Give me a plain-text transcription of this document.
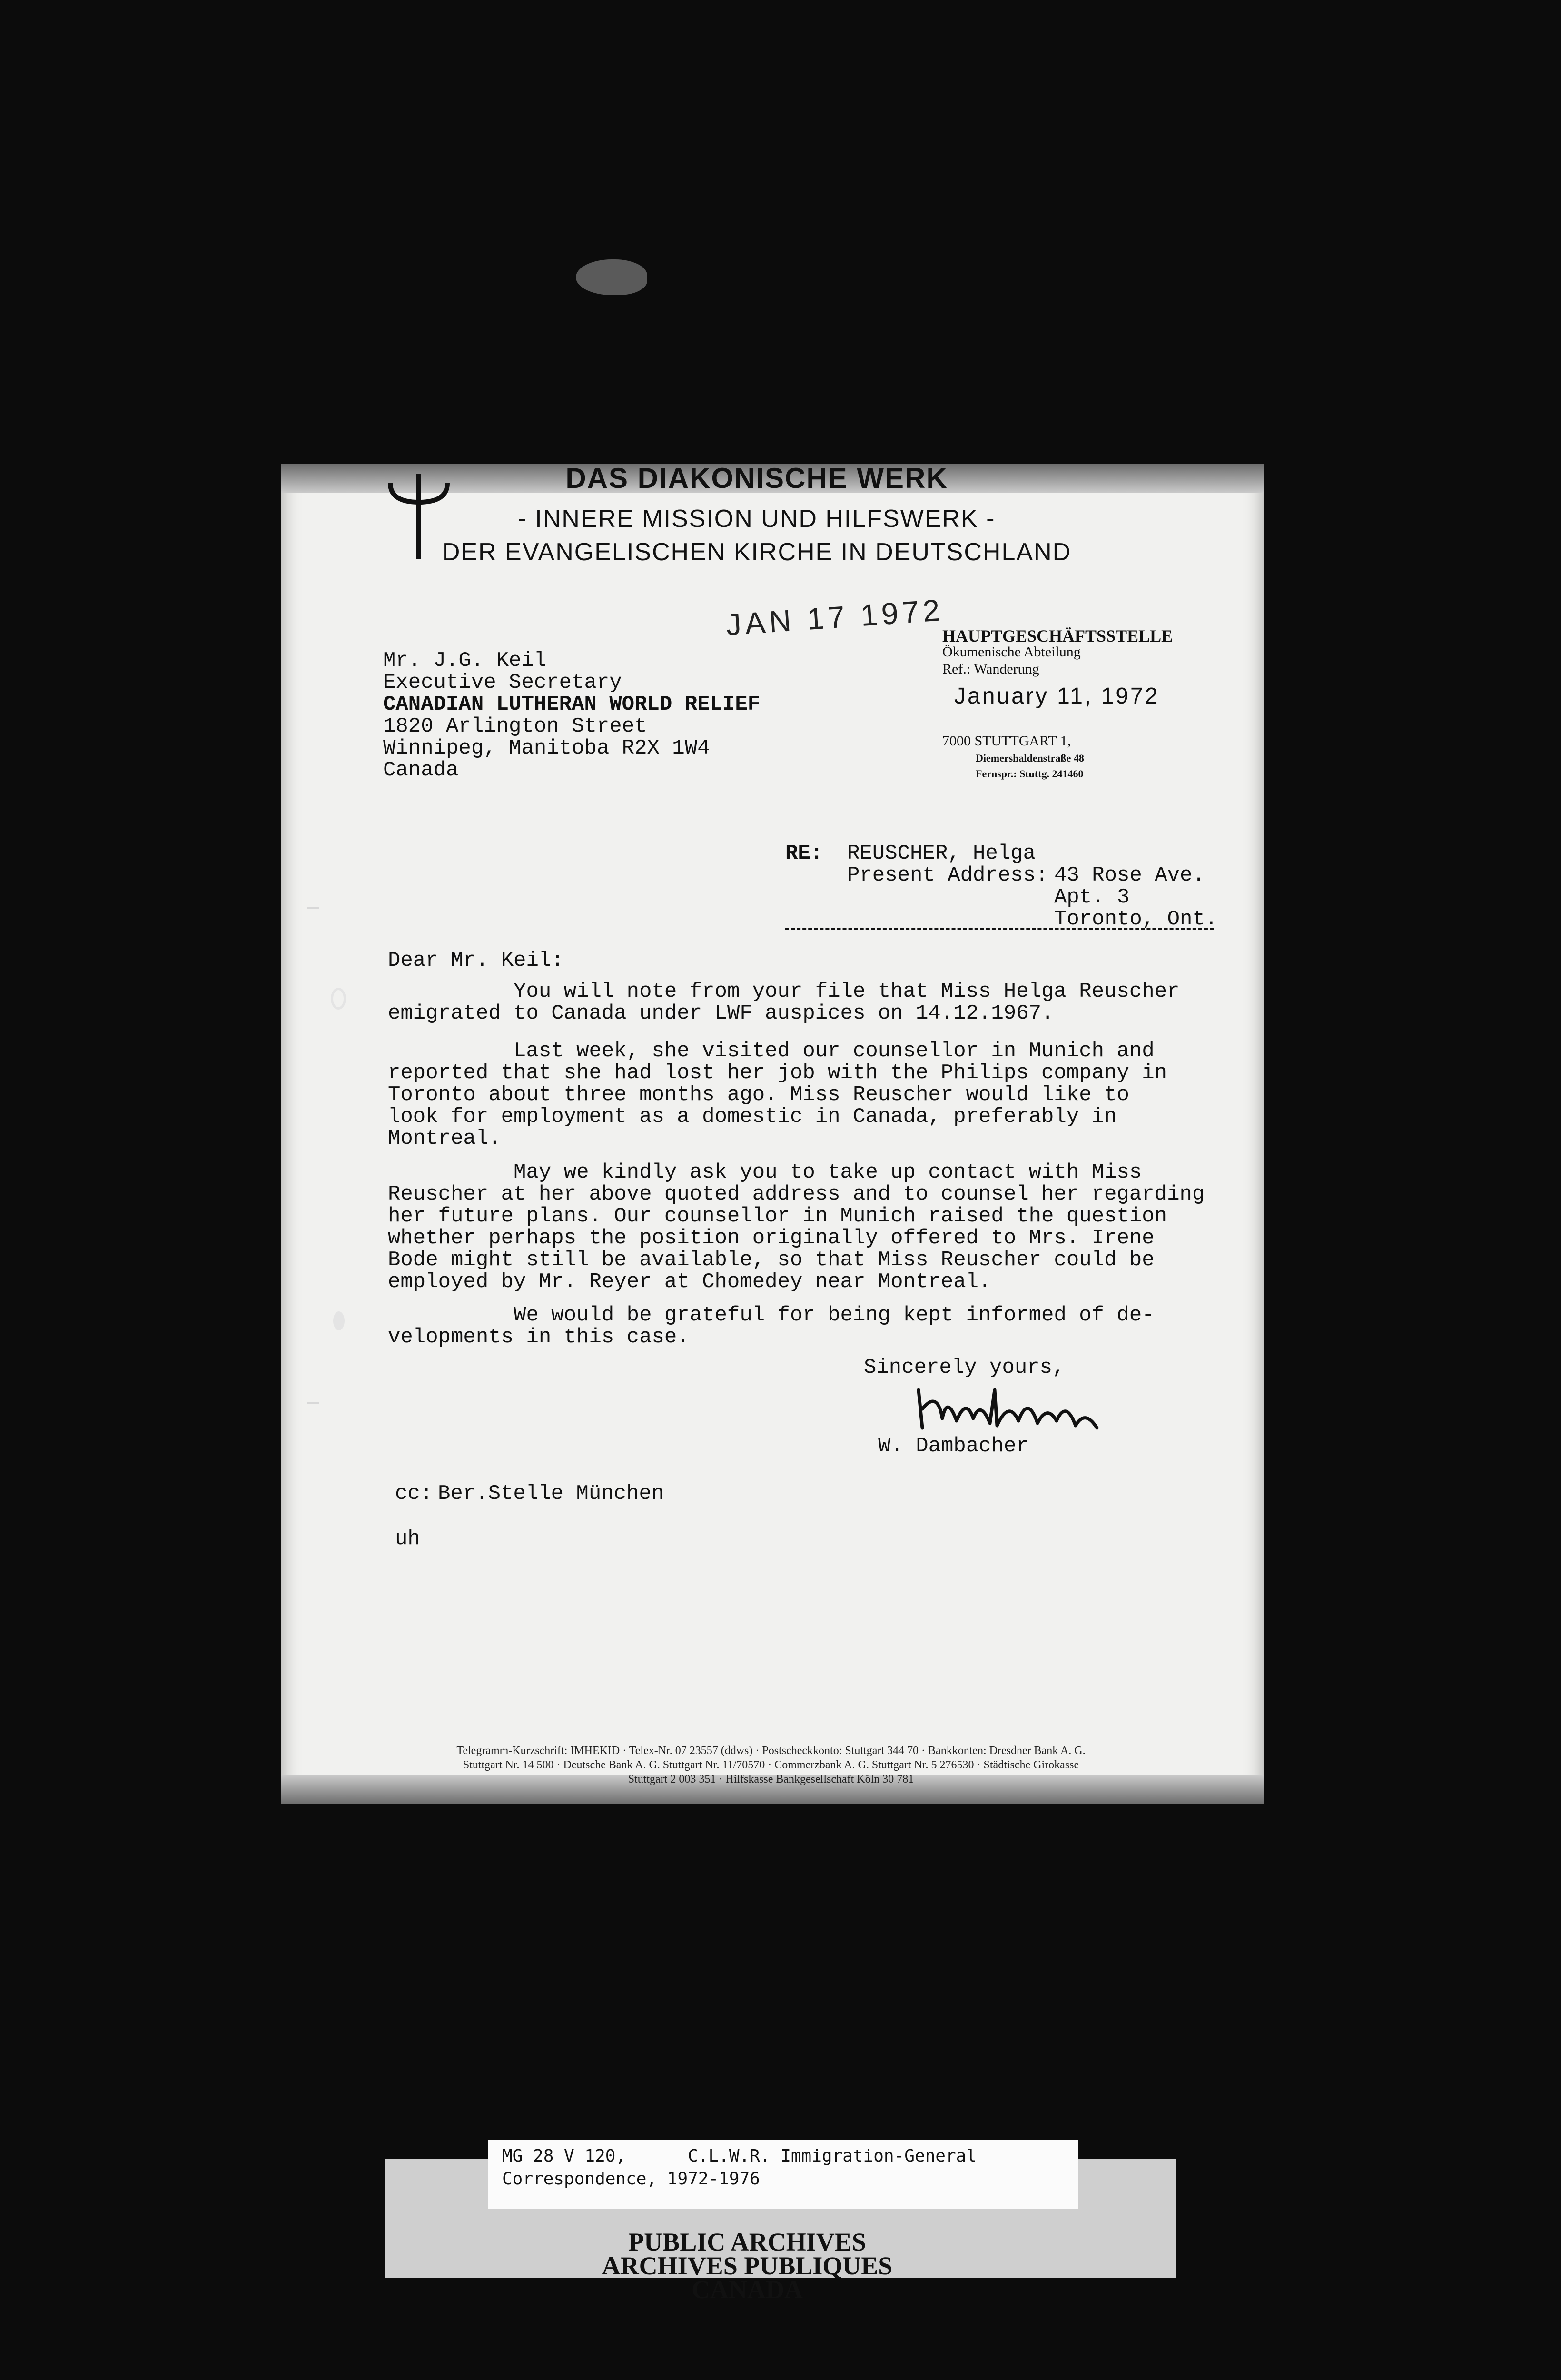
DAS DIAKONISCHE WERK
- INNERE MISSION UND HILFSWERK -
DER EVANGELISCHEN KIRCHE IN DEUTSCHLAND
JAN 17 1972
Mr. J.G. Keil
Executive Secretary
CANADIAN LUTHERAN WORLD RELIEF
1820 Arlington Street
Winnipeg, Manitoba R2X 1W4
Canada
HAUPTGESCHÄFTSSTELLE
Ökumenische Abteilung
Ref.: Wanderung
January 11, 1972
7000 STUTTGART 1,
Diemershaldenstraße 48
Fernspr.: Stuttg. 241460
RE: REUSCHER, Helga
Present Address: 43 Rose Ave.
Apt. 3
Toronto, Ont.
Dear Mr. Keil:
You will note from your file that Miss Helga Reuscher
emigrated to Canada under LWF auspices on 14.12.1967.
Last week, she visited our counsellor in Munich and
reported that she had lost her job with the Philips company in
Toronto about three months ago. Miss Reuscher would like to
look for employment as a domestic in Canada, preferably in
Montreal.
May we kindly ask you to take up contact with Miss
Reuscher at her above quoted address and to counsel her regarding
her future plans. Our counsellor in Munich raised the question
whether perhaps the position originally offered to Mrs. Irene
Bode might still be available, so that Miss Reuscher could be
employed by Mr. Reyer at Chomedey near Montreal.
We would be grateful for being kept informed of de-
velopments in this case.
Sincerely yours,
W. Dambacher
cc: Ber.Stelle München
uh
Telegramm-Kurzschrift: IMHEKID · Telex-Nr. 07 23557 (ddws) · Postscheckkonto: Stuttgart 344 70 · Bankkonten: Dresdner Bank A. G.
Stuttgart Nr. 14 500 · Deutsche Bank A. G. Stuttgart Nr. 11/70570 · Commerzbank A. G. Stuttgart Nr. 5 276530 · Städtische Girokasse
Stuttgart 2 003 351 · Hilfskasse Bankgesellschaft Köln 30 781
MG 28 V 120,      C.L.W.R. Immigration-General
Correspondence, 1972-1976
PUBLIC ARCHIVES
ARCHIVES PUBLIQUES
CANADA
